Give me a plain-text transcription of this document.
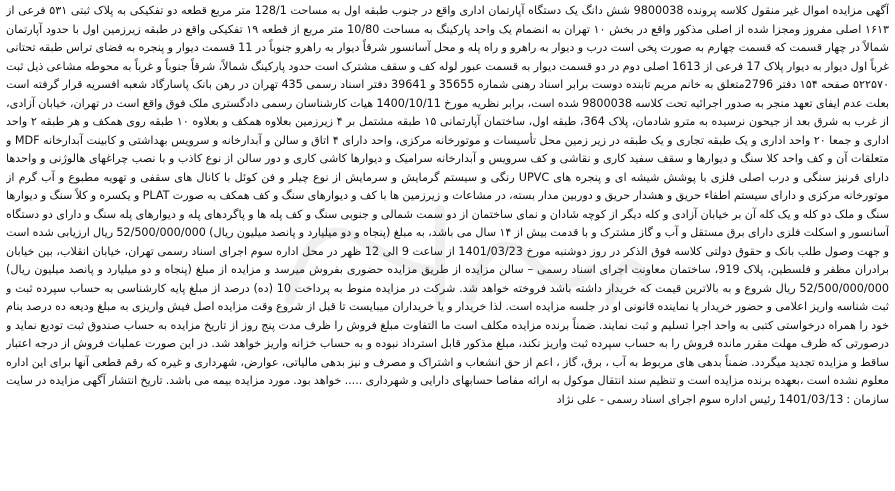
آگهی مزایده اموال غیر منقول کلاسه پرونده 9800038 شش دانگ یک دستگاه آپارتمان اداری واقع در جنوب طبقه اول به مساحت 128/1 متر مربع قطعه دو تفکیکی به پلاک ثبتی ۵۳۱ فرعی از ۱۶۱۳ اصلی مفروز ومجزا شده از اصلی مذکور واقع در بخش ۱۰ تهران به انضمام یک واحد پارکینگ به مساحت 10/80 متر مربع از قطعه ۱۹ تفکیکی واقع در طبقه زیرزمین اول با حدود آپارتمان شمالاً در چهار قسمت که قسمت چهارم به صورت پخی است درب و دیوار به راهرو و راه پله و محل آسانسور شرقاً دیوار به راهرو جنوباً در 11 قسمت دیوار و پنجره به فضای تراس طبقه تحتانی غرباً اول دیوار به دیوار پلاک 17 فرعی از 1613 اصلی دوم در دو قسمت دیوار به قسمت عبور لوله کف و سقف مشترک است حدود پارکینگ شمالاً، شرقاً جنوباً و غرباً به محوطه مشاعی ذیل ثبت ۵۲۲۵۷۰ صفحه ۱۵۴ دفتر 2796متعلق به خانم مریم تابنده دوست برابر اسناد رهنی شماره 35655 و 39641 دفتر اسناد رسمی 435 تهران در رهن بانک پاسارگاد شعبه افسریه قرار گرفته است بعلت عدم ایفای تعهد منجر به صدور اجرائیه تحت کلاسه 9800038 شده است، برابر نظریه مورخ 1400/10/11 هیات کارشناسان رسمی دادگستری ملک فوق واقع است در تهران، خیابان آزادی، از غرب به شرق بعد از جیحون نرسیده به مترو شادمان، پلاک 364، طبقه اول، ساختمان آپارتمانی ۱۵ طبقه مشتمل بر ۴ زیرزمین بعلاوه همکف و بعلاوه ۱۰ طبقه روی همکف و هر طبقه ۲ واحد اداری و جمعا ۲۰ واحد اداری و یک طبقه تجاری و یک طبقه در زیر زمین محل تأسیسات و موتورخانه مرکزی، واحد دارای ۴ اتاق و سالن و آبدارخانه و سرویس بهداشتی و کابینت آبدارخانه MDF و متعلقات آن و کف واحد کلا سنگ و دیوارها و سقف سفید کاری و نقاشی و کف سرویس و آبدارخانه سرامیک و دیوارها کاشی کاری و دور سالن از نوع کاذب و با نصب چراغهای هالوژنی و واحدها دارای قرنیز سنگی و درب اصلی فلزی با پوشش شیشه ای و پنجره های UPVC رنگی و سیستم گرمایش و سرمایش از نوع چیلر و فن کوئل با کانال های سقفی و تهویه مطبوع و آب گرم از موتورخانه مرکزی و دارای سیستم اطفاء حریق و هشدار حریق و دوربین مدار بسته، در مشاعات و زیرزمین ها با کف و دیوارهای سنگ و کف همکف به صورت PLAT و یکسره و کلاً سنگ و دیوارها سنگ و ملک دو کله و یک کله آن بر خیابان آزادی و کله دیگر از کوچه شادان و نمای ساختمان از دو سمت شمالی و جنوبی سنگ و کف پله ها و پاگردهای پله و دیوارهای پله سنگ و دارای دو دستگاه آسانسور و اسکلت فلزی دارای برق مستقل و آب و گاز مشترک و با قدمت بیش از ۱۴ سال می باشد، به مبلغ (پنجاه و دو میلیارد و پانصد میلیون ریال) 52/500/000/000 ریال ارزیابی شده است و جهت وصول طلب بانک و حقوق دولتی کلاسه فوق الذکر در روز دوشنبه مورخ 1401/03/23 از ساعت 9 الی 12 ظهر در محل اداره سوم اجرای اسناد رسمی تهران، خیابان انقلاب، بین خیابان برادران مظفر و فلسطین، پلاک 919، ساختمان معاونت اجرای اسناد رسمی – سالن مزایده از طریق مزایده حضوری بفروش میرسد و مزایده از مبلغ (پنجاه و دو میلیارد و پانصد میلیون ریال) 52/500/000/000 ریال شروع و به بالاترین قیمت که خریدار داشته باشد فروخته خواهد شد. شرکت در مزایده منوط به پرداخت 10 (ده) درصد از مبلغ پایه کارشناسی به حساب سپرده ثبت و ثبت شناسه واریز اعلامی و حضور خریدار یا نماینده قانونی او در جلسه مزایده است. لذا خریدار و یا خریداران میبایست تا قبل از شروع وقت مزایده اصل فیش واریزی به مبلغ ودیعه ده درصد بنام خود را همراه درخواستی کتبی به واحد اجرا تسلیم و ثبت نمایند. ضمناً برنده مزایده مکلف است ما التفاوت مبلغ فروش را ظرف مدت پنج روز از تاریخ مزایده به حساب صندوق ثبت تودیع نماید و درصورتی که ظرف مهلت مقرر مانده فروش را به حساب سپرده ثبت واریز نکند، مبلغ مذکور قابل استرداد نبوده و به حساب خزانه واریز خواهد شد. در این صورت عملیات فروش از درجه اعتبار ساقط و مزایده تجدید میگردد. ضمناً بدهی های مربوط به آب ، برق، گاز ، اعم از حق انشعاب و اشتراک و مصرف و نیز بدهی مالیاتی، عوارض، شهرداری و غیره که رقم قطعی آنها برای این اداره معلوم نشده است ،بعهده برنده مزایده است و تنظیم سند انتقال موکول به ارائه مفاصا حسابهای دارایی و شهرداری ..... خواهد بود. مورد مزایده بیمه می باشد. تاریخ انتشار آگهی مزایده در سایت سازمان : 1401/03/13 رئیس اداره سوم اجرای اسناد رسمی - علی نژاد
